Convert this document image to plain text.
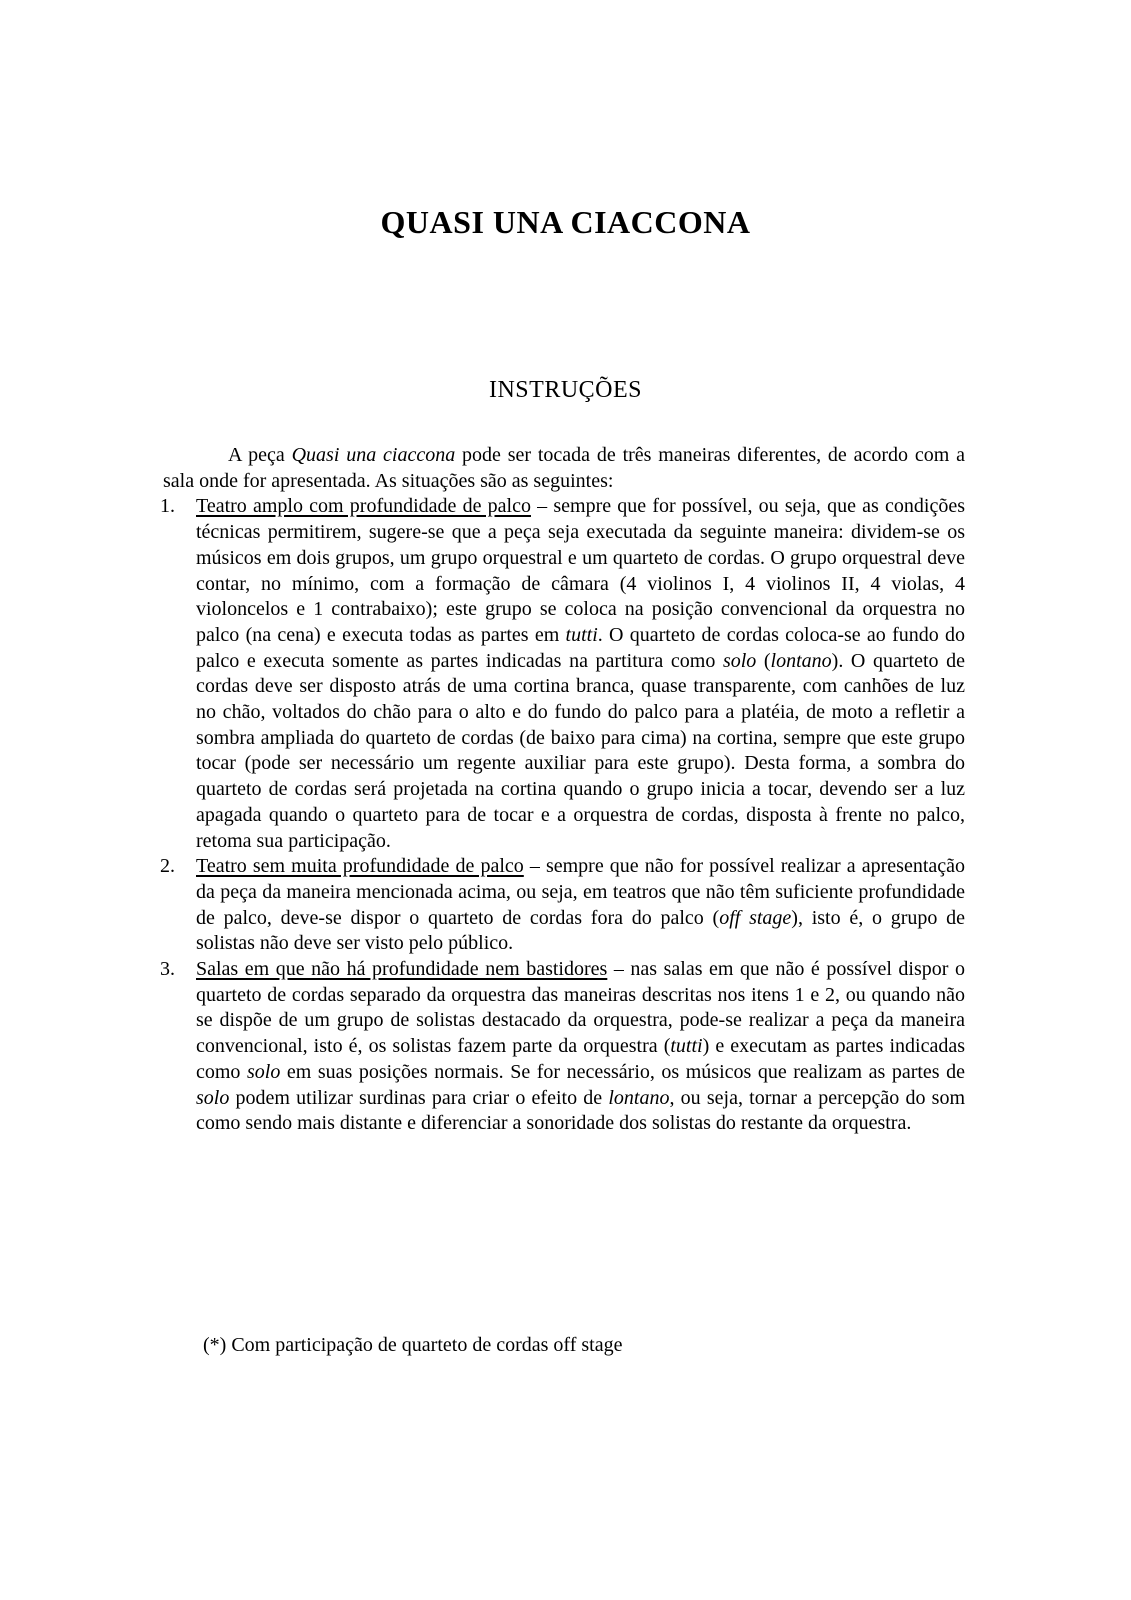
QUASI UNA CIACCONA
INSTRUÇÕES

A peça Quasi una ciaccona pode ser tocada de três maneiras diferentes, de acordo com a sala onde for apresentada. As situações são as seguintes:

1. Teatro amplo com profundidade de palco – sempre que for possível, ou seja, que as condições técnicas permitirem, sugere-se que a peça seja executada da seguinte maneira: dividem-se os músicos em dois grupos, um grupo orquestral e um quarteto de cordas. O grupo orquestral deve contar, no mínimo, com a formação de câmara (4 violinos I, 4 violinos II, 4 violas, 4 violoncelos e 1 contrabaixo); este grupo se coloca na posição convencional da orquestra no palco (na cena) e executa todas as partes em tutti. O quarteto de cordas coloca-se ao fundo do palco e executa somente as partes indicadas na partitura como solo (lontano). O quarteto de cordas deve ser disposto atrás de uma cortina branca, quase transparente, com canhões de luz no chão, voltados do chão para o alto e do fundo do palco para a platéia, de moto a refletir a sombra ampliada do quarteto de cordas (de baixo para cima) na cortina, sempre que este grupo tocar (pode ser necessário um regente auxiliar para este grupo). Desta forma, a sombra do quarteto de cordas será projetada na cortina quando o grupo inicia a tocar, devendo ser a luz apagada quando o quarteto para de tocar e a orquestra de cordas, disposta à frente no palco, retoma sua participação.
2. Teatro sem muita profundidade de palco – sempre que não for possível realizar a apresentação da peça da maneira mencionada acima, ou seja, em teatros que não têm suficiente profundidade de palco, deve-se dispor o quarteto de cordas fora do palco (off stage), isto é, o grupo de solistas não deve ser visto pelo público.
3. Salas em que não há profundidade nem bastidores – nas salas em que não é possível dispor o quarteto de cordas separado da orquestra das maneiras descritas nos itens 1 e 2, ou quando não se dispõe de um grupo de solistas destacado da orquestra, pode-se realizar a peça da maneira convencional, isto é, os solistas fazem parte da orquestra (tutti) e executam as partes indicadas como solo em suas posições normais. Se for necessário, os músicos que realizam as partes de solo podem utilizar surdinas para criar o efeito de lontano, ou seja, tornar a percepção do som como sendo mais distante e diferenciar a sonoridade dos solistas do restante da orquestra.
(*) Com participação de quarteto de cordas off stage
